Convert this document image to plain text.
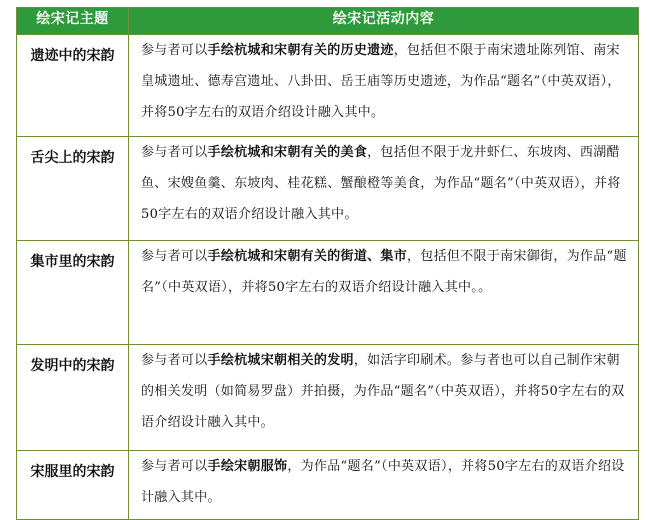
绘宋记主题	绘宋记活动内容
遗迹中的宋韵	参与者可以手绘杭城和宋朝有关的历史遗迹，包括但不限于南宋遗址陈列馆、南宋皇城遗址、德寿宫遗址、八卦田、岳王庙等历史遗迹，为作品“题名”（中英双语），并将50字左右的双语介绍设计融入其中。
舌尖上的宋韵	参与者可以手绘杭城和宋朝有关的美食，包括但不限于龙井虾仁、东坡肉、西湖醋鱼、宋嫂鱼羹、东坡肉、桂花糕、蟹酿橙等美食，为作品“题名”（中英双语），并将50字左右的双语介绍设计融入其中。
集市里的宋韵	参与者可以手绘杭城和宋朝有关的街道、集市，包括但不限于南宋御街，为作品“题名”（中英双语），并将50字左右的双语介绍设计融入其中。。
发明中的宋韵	参与者可以手绘杭城宋朝相关的发明，如活字印刷术。参与者也可以自己制作宋朝的相关发明（如简易罗盘）并拍摄，为作品“题名”（中英双语），并将50字左右的双语介绍设计融入其中。
宋服里的宋韵	参与者可以手绘宋朝服饰，为作品“题名”（中英双语），并将50字左右的双语介绍设计融入其中。
